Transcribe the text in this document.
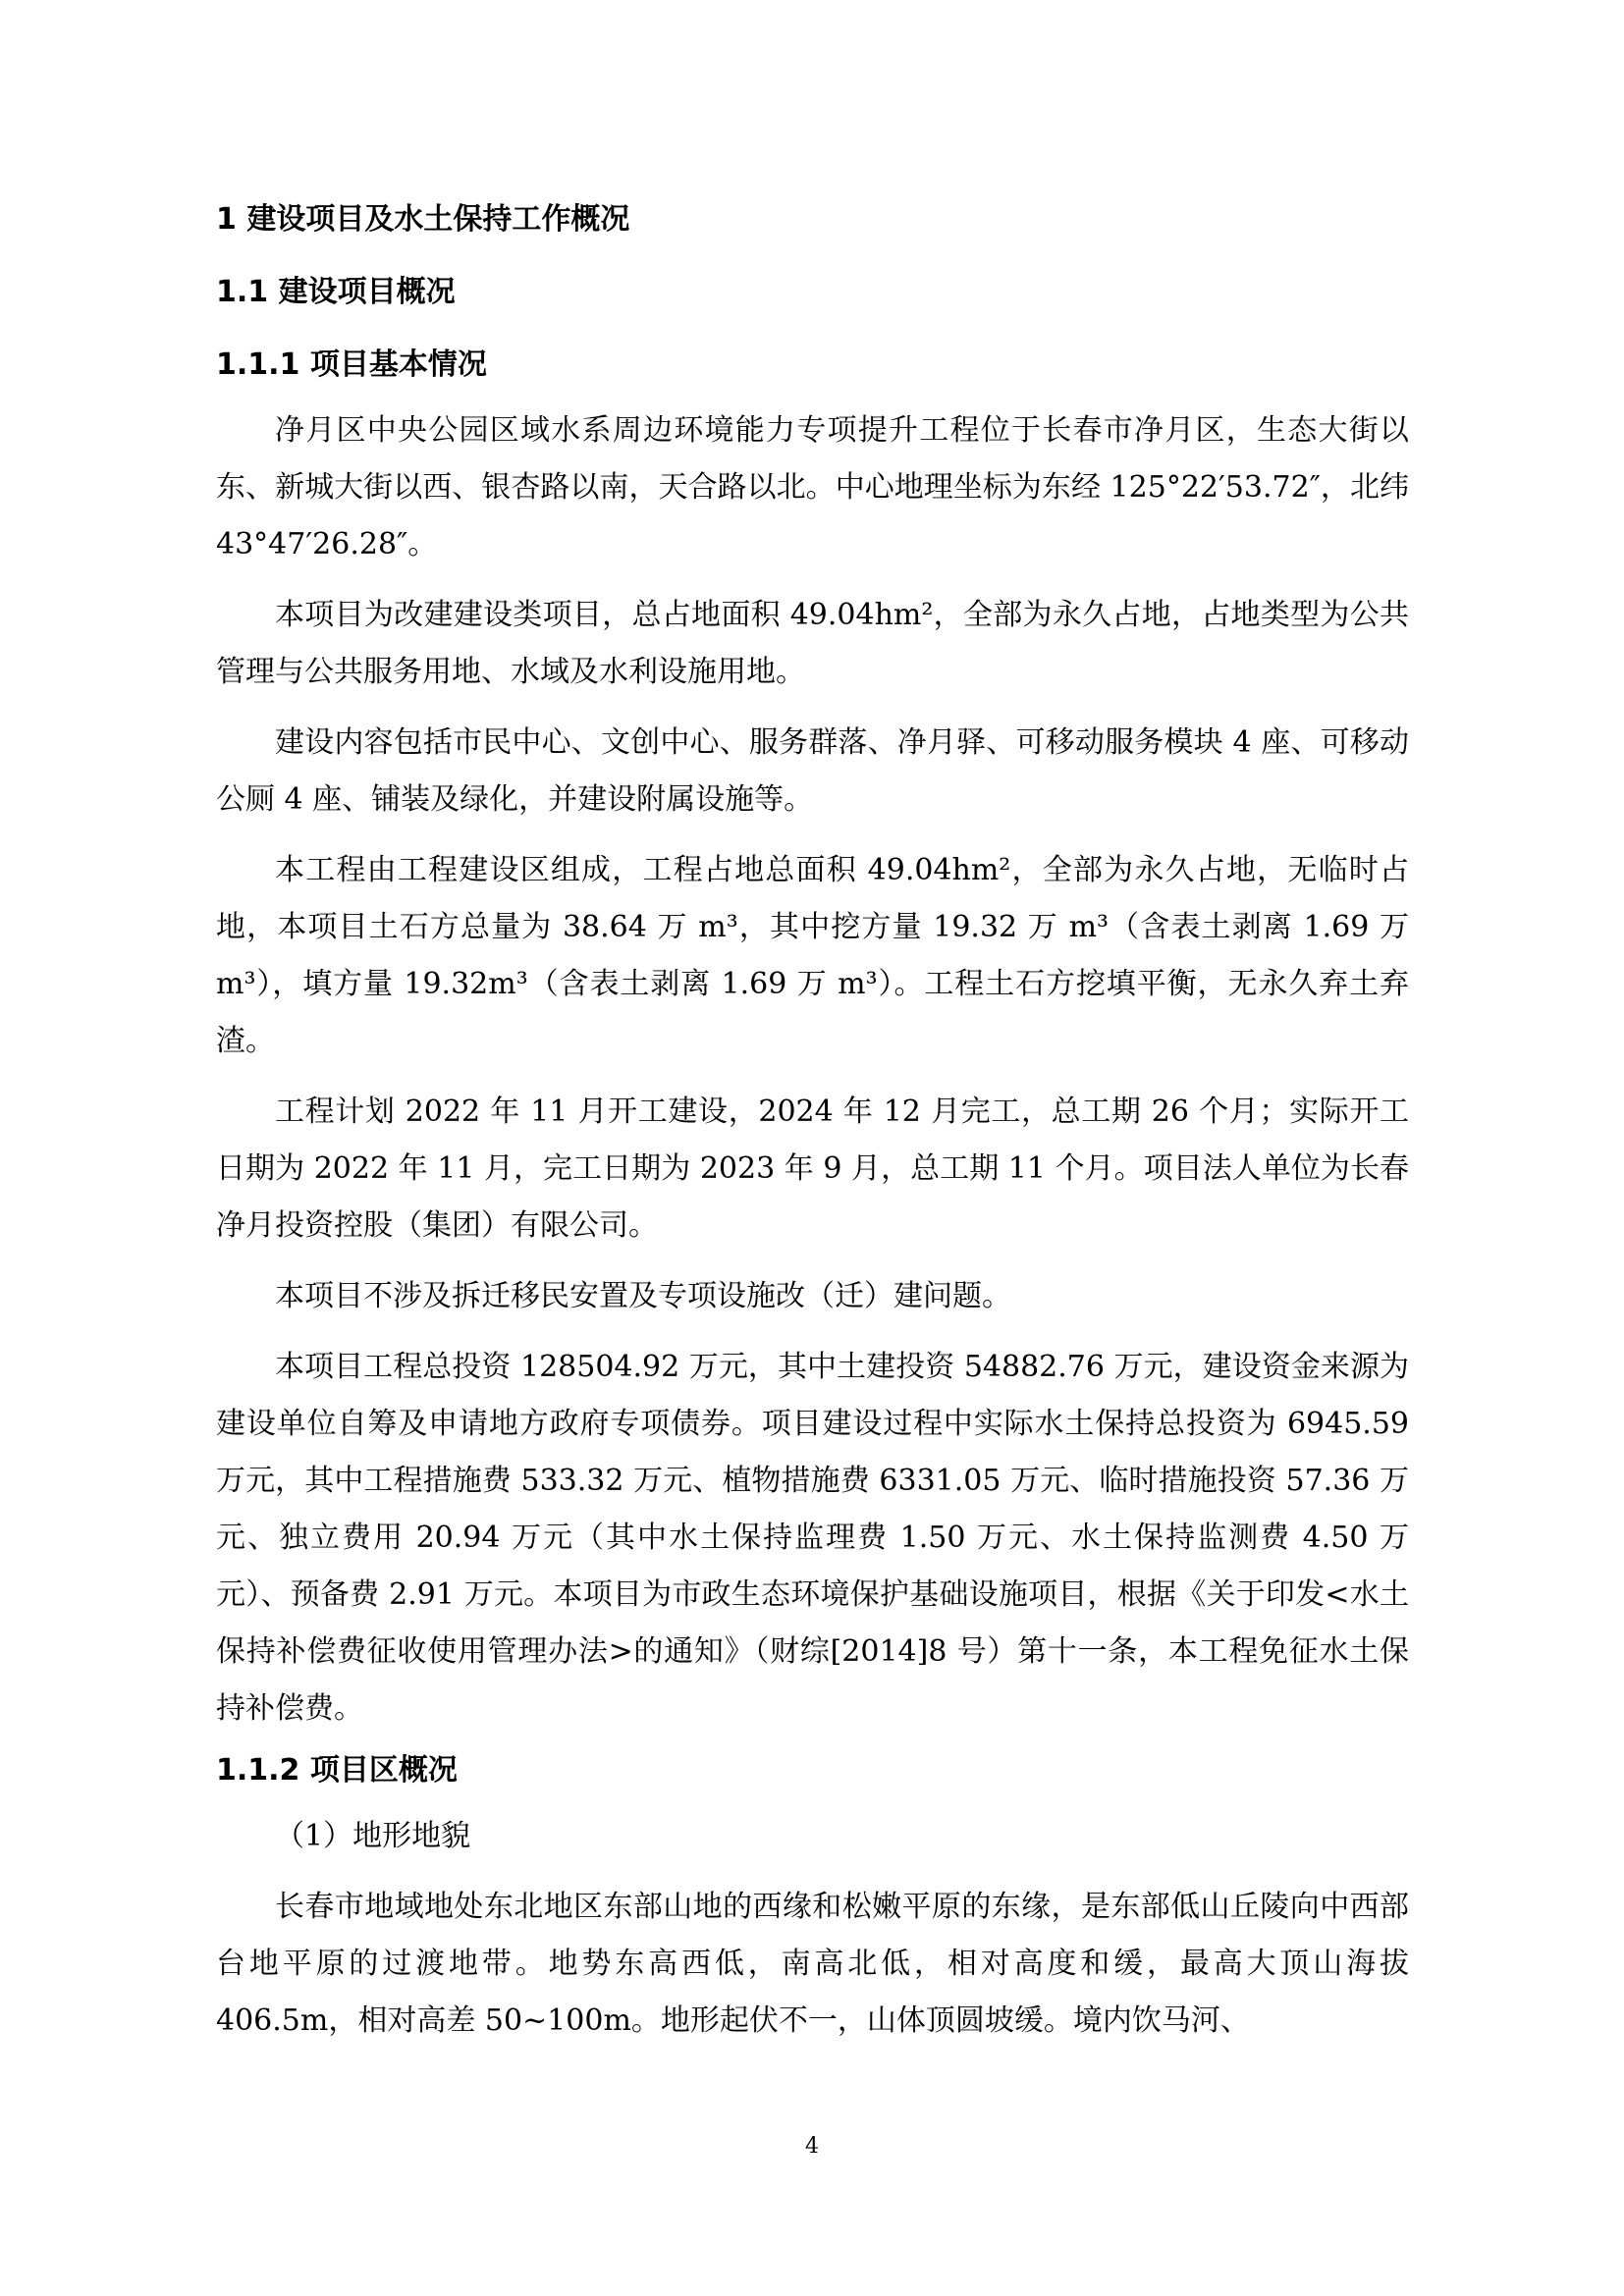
1 建设项目及水土保持工作概况
1.1 建设项目概况
1.1.1 项目基本情况

净月区中央公园区域水系周边环境能力专项提升工程位于长春市净月区，生态大街以东、新城大街以西、银杏路以南，天合路以北。中心地理坐标为东经 125°22′53.72″，北纬 43°47′26.28″。

本项目为改建建设类项目，总占地面积 49.04hm²，全部为永久占地，占地类型为公共管理与公共服务用地、水域及水利设施用地。

建设内容包括市民中心、文创中心、服务群落、净月驿、可移动服务模块 4 座、可移动公厕 4 座、铺装及绿化，并建设附属设施等。

本工程由工程建设区组成，工程占地总面积 49.04hm²，全部为永久占地，无临时占地，本项目土石方总量为 38.64 万 m³，其中挖方量 19.32 万 m³（含表土剥离 1.69 万 m³），填方量 19.32m³（含表土剥离 1.69 万 m³）。工程土石方挖填平衡，无永久弃土弃渣。

工程计划 2022 年 11 月开工建设，2024 年 12 月完工，总工期 26 个月；实际开工日期为 2022 年 11 月，完工日期为 2023 年 9 月，总工期 11 个月。项目法人单位为长春净月投资控股（集团）有限公司。

本项目不涉及拆迁移民安置及专项设施改（迁）建问题。

本项目工程总投资 128504.92 万元，其中土建投资 54882.76 万元，建设资金来源为建设单位自筹及申请地方政府专项债券。项目建设过程中实际水土保持总投资为 6945.59 万元，其中工程措施费 533.32 万元、植物措施费 6331.05 万元、临时措施投资 57.36 万元、独立费用 20.94 万元（其中水土保持监理费 1.50 万元、水土保持监测费 4.50 万元）、预备费 2.91 万元。本项目为市政生态环境保护基础设施项目，根据《关于印发<水土保持补偿费征收使用管理办法>的通知》（财综[2014]8 号）第十一条，本工程免征水土保持补偿费。

1.1.2 项目区概况

（1）地形地貌

长春市地域地处东北地区东部山地的西缘和松嫩平原的东缘，是东部低山丘陵向中西部台地平原的过渡地带。地势东高西低，南高北低，相对高度和缓，最高大顶山海拔 406.5m，相对高差 50~100m。地形起伏不一，山体顶圆坡缓。境内饮马河、

4
